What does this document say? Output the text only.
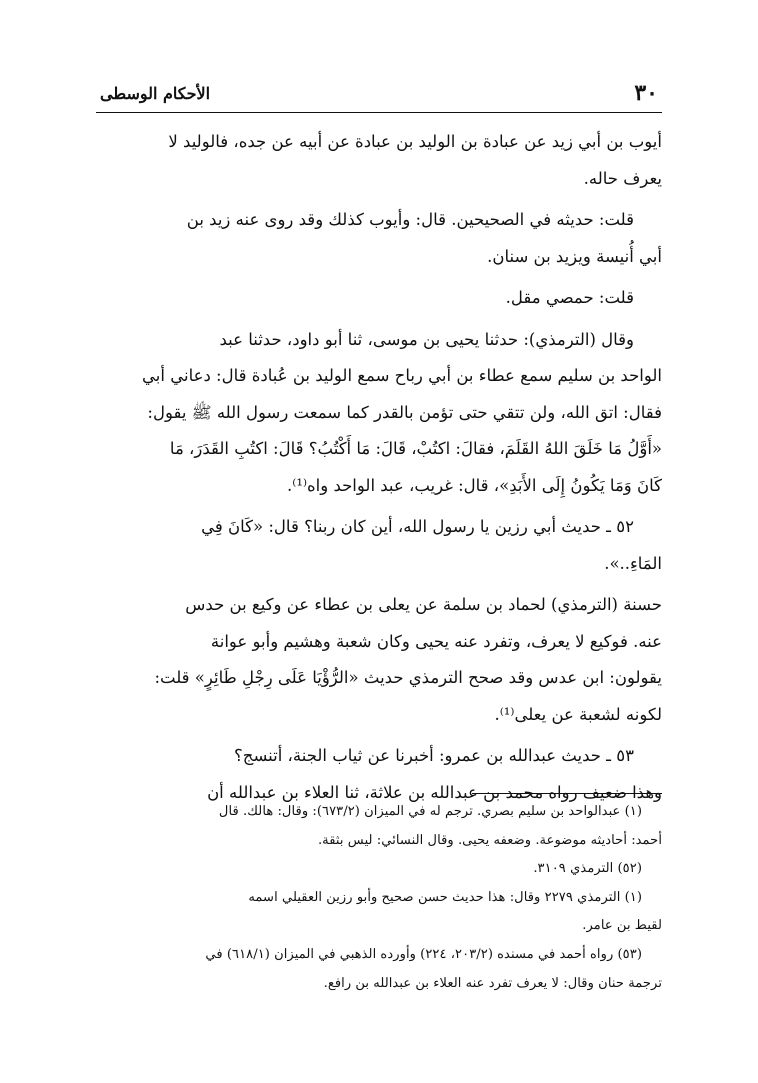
٣٠
الأحكام الوسطى

أيوب بن أبي زيد عن عبادة بن الوليد بن عبادة عن أبيه عن جده، فالوليد لا

يعرف حاله.

قلت: حديثه في الصحيحين. قال: وأيوب كذلك وقد روى عنه زيد بن

أبي أُنيسة ويزيد بن سنان.

قلت: حمصي مقل.

وقال (الترمذي): حدثنا يحيى بن موسى، ثنا أبو داود، حدثنا عبد

الواحد بن سليم سمع عطاء بن أبي رباح سمع الوليد بن عُبادة قال: دعاني أبي

فقال: اتق الله، ولن تتقي حتى تؤمن بالقدر كما سمعت رسول الله ﷺ يقول:

«أَوَّلُ مَا خَلَقَ اللهُ القَلَمَ، فقالَ: اكتُبْ، قَالَ: مَا أَكْتُبُ؟ قَالَ: اكتُبِ القَدَرَ، مَا

كَانَ وَمَا يَكُونُ إِلَى الأَبَدِ»، قال: غريب، عبد الواحد واه⁽¹⁾.

٥٢ ـ حديث أبي رزين يا رسول الله، أين كان ربنا؟ قال: «كَانَ فِي

المَاءِ..».

حسنة (الترمذي) لحماد بن سلمة عن يعلى بن عطاء عن وكيع بن حدس

عنه. فوكيع لا يعرف، وتفرد عنه يحيى وكان شعبة وهشيم وأبو عوانة

يقولون: ابن عدس وقد صحح الترمذي حديث «الرُّؤْيَا عَلَى رِجْلِ طَائِرٍ» قلت:

لكونه لشعبة عن يعلى⁽¹⁾.

٥٣ ـ حديث عبدالله بن عمرو: أخبرنا عن ثياب الجنة، أتنسج؟

وهذا ضعيف رواه محمد بن عبدالله بن علاثة، ثنا العلاء بن عبدالله أن

(١) عبدالواحد بن سليم بصري. ترجم له في الميزان (٦٧٣/٢): وقال: هالك. قال

أحمد: أحاديثه موضوعة. وضعفه يحيى. وقال النسائي: ليس بثقة.

(٥٢) الترمذي ٣١٠٩.

(١) الترمذي ٢٢٧٩ وقال: هذا حديث حسن صحيح وأبو رزين العقيلي اسمه

لقيط بن عامر.

(٥٣) رواه أحمد في مسنده (٢٠٣/٢، ٢٢٤) وأورده الذهبي في الميزان (٦١٨/١) في

ترجمة حنان وقال: لا يعرف تفرد عنه العلاء بن عبدالله بن رافع.
